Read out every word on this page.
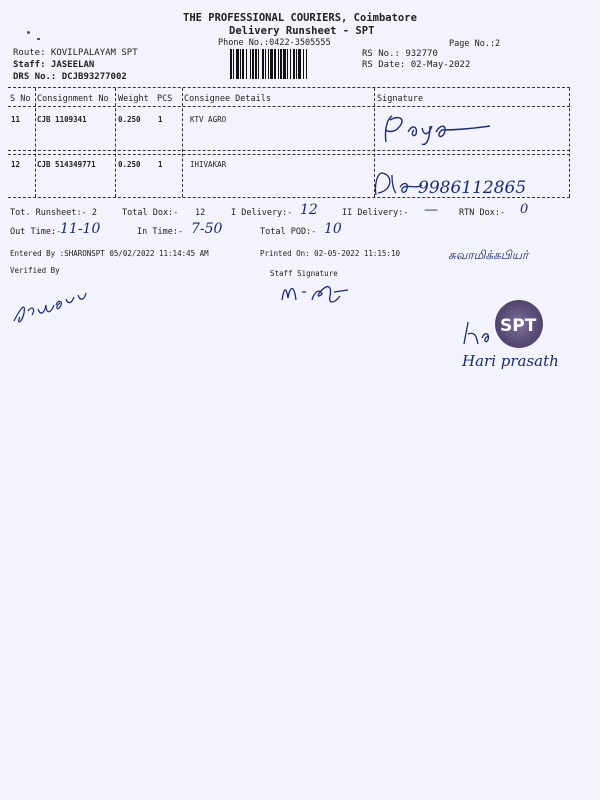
THE PROFESSIONAL COURIERS, Coimbatore
Delivery Runsheet - SPT
Phone No.:0422-3505555	Page No.:2
Route: KOVILPALAYAM SPT
Staff: JASEELAN
DRS No.: DCJB93277002
RS No.: 932770
RS Date: 02-May-2022
S No Consignment No Weight PCS Consignee Details	Signature
11 CJB 1109341	0.250 1	KTV AGRO
12 CJB 514349771	0.250 1	IHIVAKAR
9986112865
Tot. Runsheet:- 2	Total Dox:- 12	I Delivery:- 12	II Delivery:- — RTN Dox:- 0
Out Time:-
11-10	In Time:- 7-50	Total POD:- 10
Entered By :SHARONSPT 05/02/2022 11:14:45 AM	Printed On: 02-05-2022 11:15:10	சுவாமிக்கபியர்
Verified By	Staff Signature
SPT
Hari prasath
